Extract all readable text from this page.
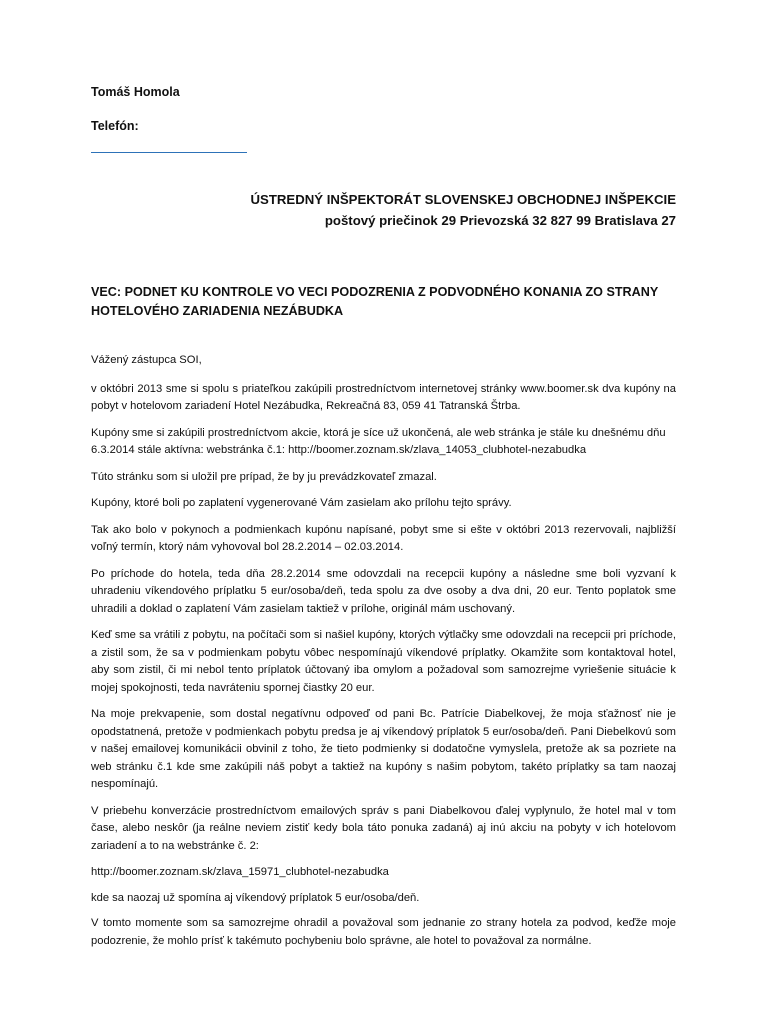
Tomáš Homola

Telefón:

ÚSTREDNÝ INŠPEKTORÁT SLOVENSKEJ OBCHODNEJ INŠPEKCIE
poštový priečinok 29 Prievozská 32 827 99 Bratislava 27
VEC: PODNET KU KONTROLE VO VECI PODOZRENIA Z PODVODNÉHO KONANIA ZO STRANY HOTELOVÉHO ZARIADENIA NEZÁBUDKA

Vážený zástupca SOI,

v októbri 2013 sme si spolu s priateľkou zakúpili prostredníctvom internetovej stránky www.boomer.sk dva kupóny na pobyt v hotelovom zariadení Hotel Nezábudka, Rekreačná 83, 059 41 Tatranská Štrba.

Kupóny sme si zakúpili prostredníctvom akcie, ktorá je síce už ukončená, ale web stránka je stále ku dnešnému dňu 6.3.2014 stále aktívna: webstránka č.1: http://boomer.zoznam.sk/zlava_14053_clubhotel-nezabudka

Túto stránku som si uložil pre prípad, že by ju prevádzkovateľ zmazal.

Kupóny, ktoré boli po zaplatení vygenerované Vám zasielam ako prílohu tejto správy.

Tak ako bolo v pokynoch a podmienkach kupónu napísané, pobyt sme si ešte v októbri 2013 rezervovali, najbližší voľný termín, ktorý nám vyhovoval bol 28.2.2014 – 02.03.2014.

Po príchode do hotela, teda dňa 28.2.2014 sme odovzdali na recepcii kupóny a následne sme boli vyzvaní k uhradeniu víkendového príplatku 5 eur/osoba/deň, teda spolu za dve osoby a dva dni, 20 eur. Tento poplatok sme uhradili a doklad o zaplatení Vám zasielam taktiež v prílohe, originál mám uschovaný.

Keď sme sa vrátili z pobytu, na počítači som si našiel kupóny, ktorých výtlačky sme odovzdali na recepcii pri príchode, a zistil som, že sa v podmienkam pobytu vôbec nespomínajú víkendové príplatky. Okamžite som kontaktoval hotel, aby som zistil, či mi nebol tento príplatok účtovaný iba omylom a požadoval som samozrejme vyriešenie situácie k mojej spokojnosti, teda navráteniu spornej čiastky 20 eur.

Na moje prekvapenie, som dostal negatívnu odpoveď od pani Bc. Patrície Diabelkovej, že moja sťažnosť nie je opodstatnená, pretože v podmienkach pobytu predsa je aj víkendový príplatok 5 eur/osoba/deň. Pani Diebelkovú som v našej emailovej komunikácii obvinil z toho, že tieto podmienky si dodatočne vymyslela, pretože ak sa pozriete na web stránku č.1 kde sme zakúpili náš pobyt a taktiež na kupóny s našim pobytom, takéto príplatky sa tam naozaj nespomínajú.

V priebehu konverzácie prostredníctvom emailových správ s pani Diabelkovou ďalej vyplynulo, že hotel mal v tom čase, alebo neskôr (ja reálne neviem zistiť kedy bola táto ponuka zadaná) aj inú akciu na pobyty v ich hotelovom zariadení a to na webstránke č. 2:

http://boomer.zoznam.sk/zlava_15971_clubhotel-nezabudka

kde sa naozaj už spomína aj víkendový príplatok 5 eur/osoba/deň.

V tomto momente som sa samozrejme ohradil a považoval som jednanie zo strany hotela za podvod, keďže moje podozrenie, že mohlo prísť k takémuto pochybeniu bolo správne, ale hotel to považoval za normálne.
